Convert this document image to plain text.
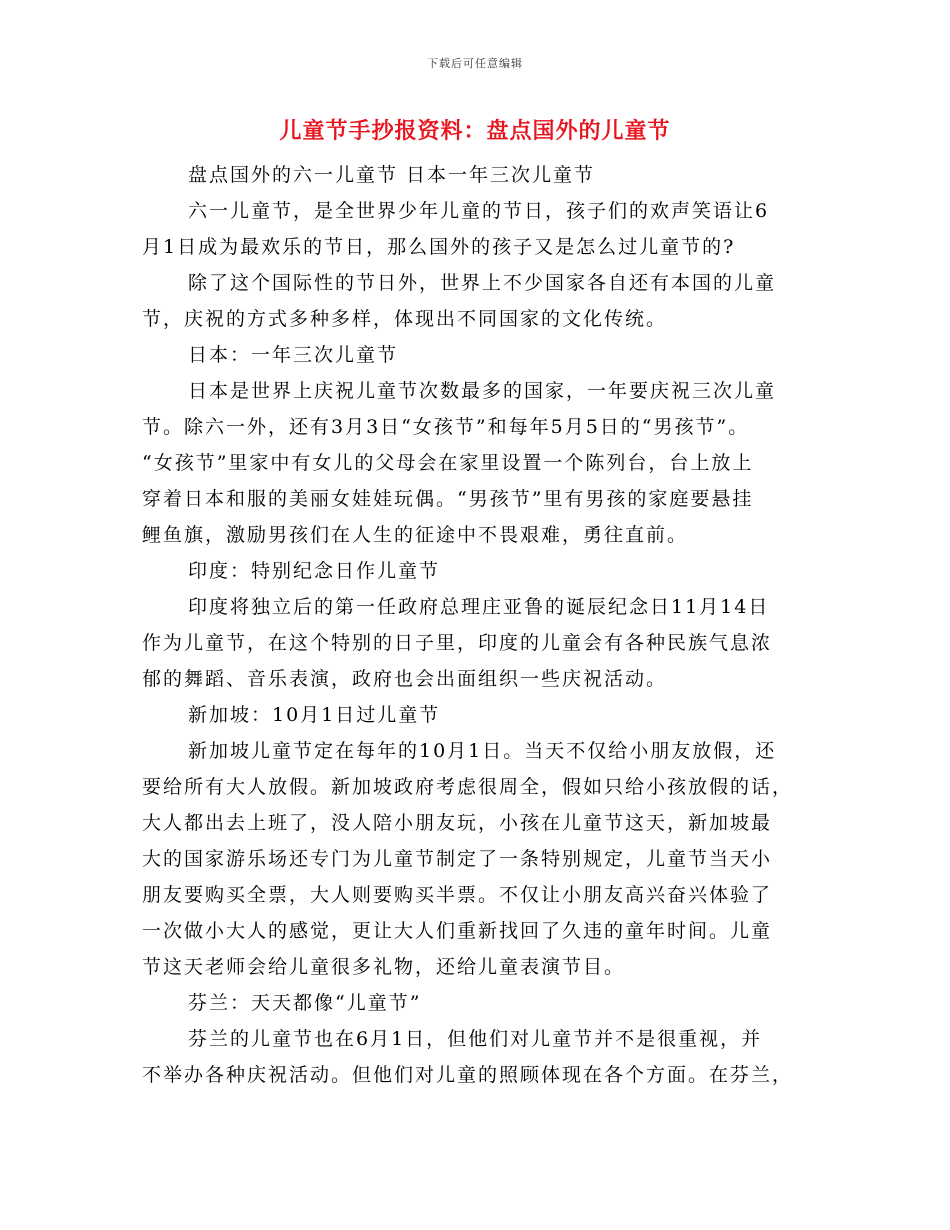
下载后可任意编辑
儿童节手抄报资料：盘点国外的儿童节
盘点国外的六一儿童节 日本一年三次儿童节
六一儿童节，是全世界少年儿童的节日，孩子们的欢声笑语让6
月1日成为最欢乐的节日，那么国外的孩子又是怎么过儿童节的?
除了这个国际性的节日外，世界上不少国家各自还有本国的儿童
节，庆祝的方式多种多样，体现出不同国家的文化传统。
日本：一年三次儿童节
日本是世界上庆祝儿童节次数最多的国家，一年要庆祝三次儿童
节。除六一外，还有3月3日“女孩节”和每年5月5日的“男孩节”。
“女孩节”里家中有女儿的父母会在家里设置一个陈列台，台上放上
穿着日本和服的美丽女娃娃玩偶。“男孩节”里有男孩的家庭要悬挂
鲤鱼旗，激励男孩们在人生的征途中不畏艰难，勇往直前。
印度：特别纪念日作儿童节
印度将独立后的第一任政府总理庄亚鲁的诞辰纪念日11月14日
作为儿童节，在这个特别的日子里，印度的儿童会有各种民族气息浓
郁的舞蹈、音乐表演，政府也会出面组织一些庆祝活动。
新加坡：10月1日过儿童节
新加坡儿童节定在每年的10月1日。当天不仅给小朋友放假，还
要给所有大人放假。新加坡政府考虑很周全，假如只给小孩放假的话，
大人都出去上班了，没人陪小朋友玩，小孩在儿童节这天，新加坡最
大的国家游乐场还专门为儿童节制定了一条特别规定，儿童节当天小
朋友要购买全票，大人则要购买半票。不仅让小朋友高兴奋兴体验了
一次做小大人的感觉，更让大人们重新找回了久违的童年时间。儿童
节这天老师会给儿童很多礼物，还给儿童表演节目。
芬兰：天天都像“儿童节”
芬兰的儿童节也在6月1日，但他们对儿童节并不是很重视，并
不举办各种庆祝活动。但他们对儿童的照顾体现在各个方面。在芬兰，
